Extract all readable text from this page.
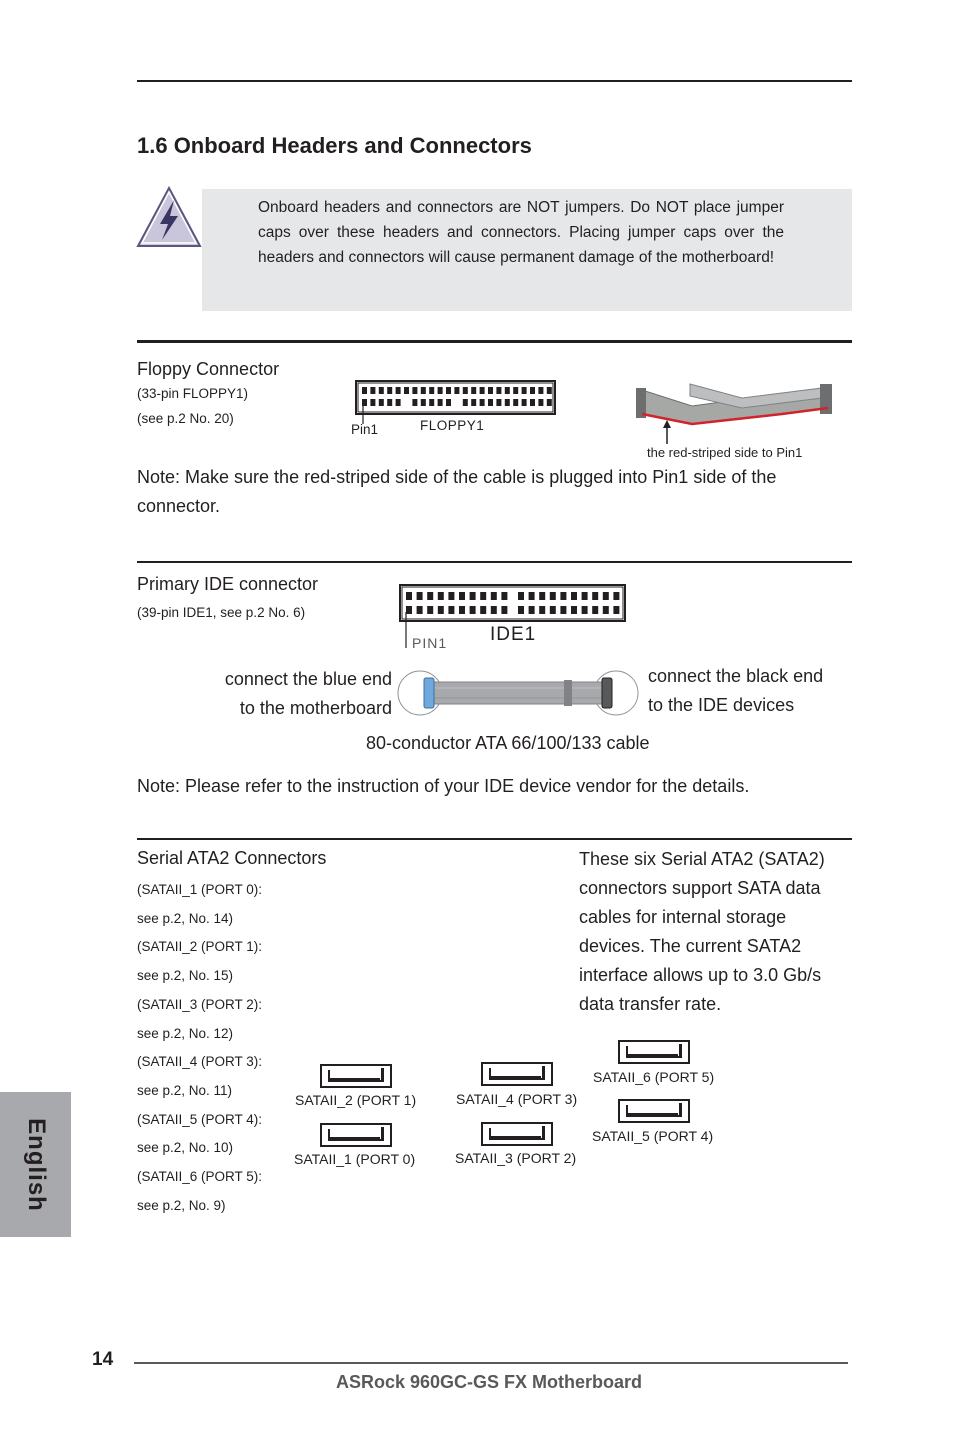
1.6 Onboard Headers and Connectors
Onboard headers and connectors are NOT jumpers. Do NOT place jumper caps over these headers and connectors. Placing jumper caps over the headers and connectors will cause permanent damage of the motherboard!
Floppy Connector
(33-pin FLOPPY1)
(see p.2 No. 20)
Pin1	FLOPPY1
the red-striped side to Pin1
Note: Make sure the red-striped side of the cable is plugged into Pin1 side of the
connector.
Primary IDE connector
(39-pin IDE1, see p.2 No. 6)
PIN1 IDE1
connect the blue end
to the motherboard
connect the black end
to the IDE devices
80-conductor ATA 66/100/133 cable
Note: Please refer to the instruction of your IDE device vendor for the details.
Serial ATA2 Connectors
(SATAII_1 (PORT 0):
see p.2, No. 14)
(SATAII_2 (PORT 1):
see p.2, No. 15)
(SATAII_3 (PORT 2):
see p.2, No. 12)
(SATAII_4 (PORT 3):
see p.2, No. 11)
(SATAII_5 (PORT 4):
see p.2, No. 10)
(SATAII_6 (PORT 5):
see p.2, No. 9)
These six Serial ATA2 (SATA2)
connectors support SATA data
cables for internal storage
devices. The current SATA2
interface allows up to 3.0 Gb/s
data transfer rate.
SATAII_2 (PORT 1)
SATAII_1 (PORT 0)
SATAII_4 (PORT 3)
SATAII_3 (PORT 2)
SATAII_6 (PORT 5)
SATAII_5 (PORT 4)
English
14
ASRock 960GC-GS FX Motherboard
